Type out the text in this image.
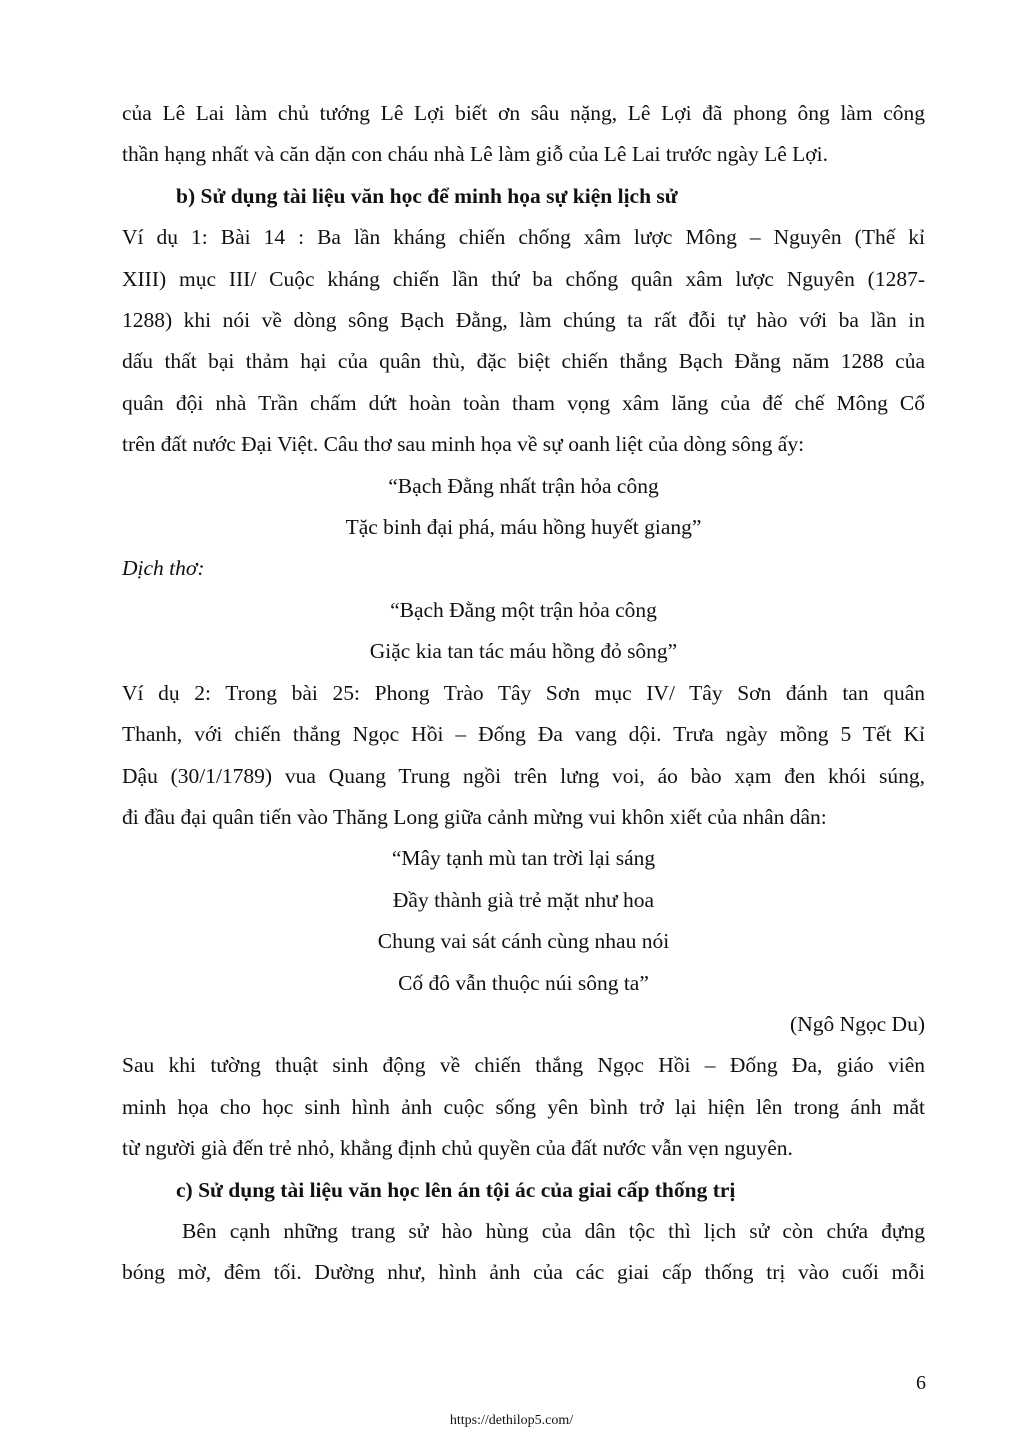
của Lê Lai làm chủ tướng Lê Lợi biết ơn sâu nặng, Lê Lợi đã phong ông làm công
thần hạng nhất và căn dặn con cháu nhà Lê làm giỗ của Lê Lai trước ngày Lê Lợi.
b) Sử dụng tài liệu văn học để minh họa sự kiện lịch sử
Ví dụ 1: Bài 14 : Ba lần kháng chiến chống xâm lược Mông – Nguyên (Thế kỉ
XIII) mục III/ Cuộc kháng chiến lần thứ ba chống quân xâm lược Nguyên (1287-
1288) khi nói về dòng sông Bạch Đằng, làm chúng ta rất đỗi tự hào với ba lần in
dấu thất bại thảm hại của quân thù, đặc biệt chiến thắng Bạch Đằng năm 1288 của
quân đội nhà Trần chấm dứt hoàn toàn tham vọng xâm lăng của đế chế Mông Cổ
trên đất nước Đại Việt. Câu thơ sau minh họa về sự oanh liệt của dòng sông ấy:
“Bạch Đằng nhất trận hỏa công
Tặc binh đại phá, máu hồng huyết giang”
Dịch thơ:
“Bạch Đằng một trận hỏa công
Giặc kia tan tác máu hồng đỏ sông”
Ví dụ 2: Trong bài 25: Phong Trào Tây Sơn mục IV/ Tây Sơn đánh tan quân
Thanh, với chiến thắng Ngọc Hồi – Đống Đa vang dội. Trưa ngày mồng 5 Tết Kỉ
Dậu (30/1/1789) vua Quang Trung ngồi trên lưng voi, áo bào xạm đen khói súng,
đi đầu đại quân tiến vào Thăng Long giữa cảnh mừng vui khôn xiết của nhân dân:
“Mây tạnh mù tan trời lại sáng
Đầy thành già trẻ mặt như hoa
Chung vai sát cánh cùng nhau nói
Cố đô vẫn thuộc núi sông ta”
(Ngô Ngọc Du)
Sau khi tường thuật sinh động về chiến thắng Ngọc Hồi – Đống Đa, giáo viên
minh họa cho học sinh hình ảnh cuộc sống yên bình trở lại hiện lên trong ánh mắt
từ người già đến trẻ nhỏ, khẳng định chủ quyền của đất nước vẫn vẹn nguyên.
c) Sử dụng tài liệu văn học lên án tội ác của giai cấp thống trị
Bên cạnh những trang sử hào hùng của dân tộc thì lịch sử còn chứa đựng
bóng mờ, đêm tối. Dường như, hình ảnh của các giai cấp thống trị vào cuối mỗi
6
https://dethilop5.com/
